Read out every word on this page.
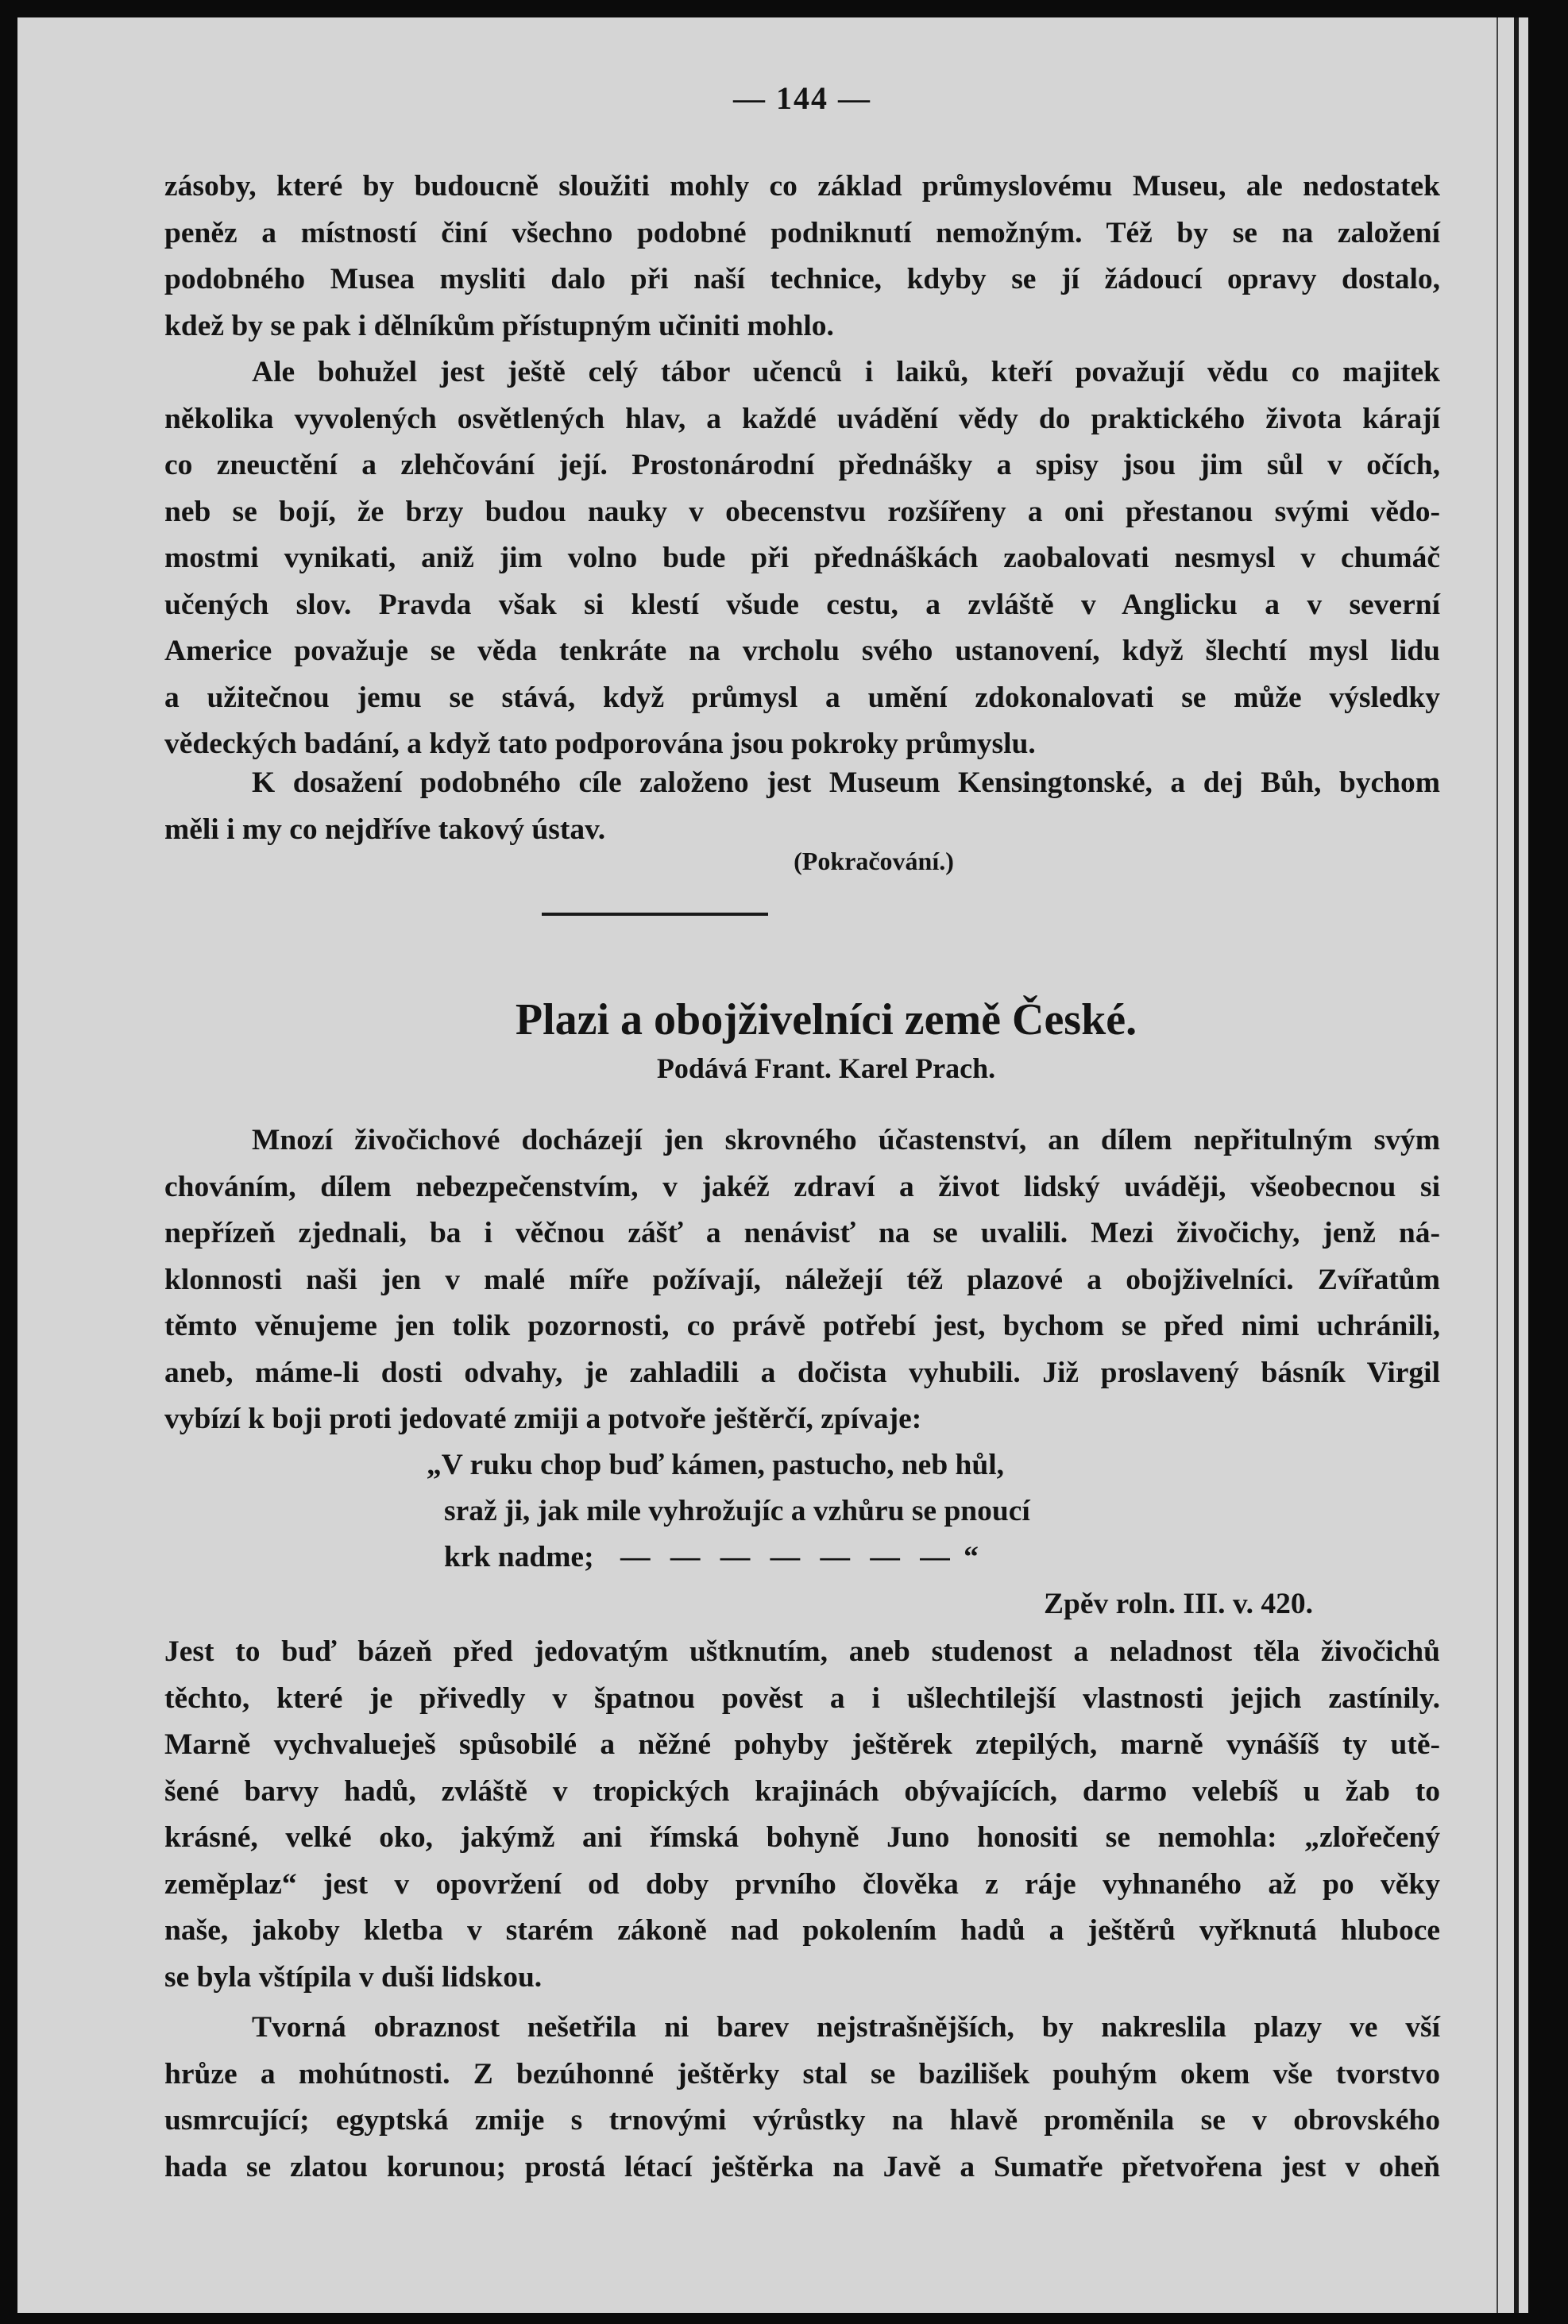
— 144 —
zásoby, které by budoucně sloužiti mohly co základ průmyslovému Museu, ale nedostatek
peněz a místností činí všechno podobné podniknutí nemožným. Též by se na založení
podobného Musea mysliti dalo při naší technice, kdyby se jí žádoucí opravy dostalo,
kdež by se pak i dělníkům přístupným učiniti mohlo.
Ale bohužel jest ještě celý tábor učenců i laiků, kteří považují vědu co majitek
několika vyvolených osvětlených hlav, a každé uvádění vědy do praktického života kárají
co zneuctění a zlehčování její. Prostonárodní přednášky a spisy jsou jim sůl v očích,
neb se bojí, že brzy budou nauky v obecenstvu rozšířeny a oni přestanou svými vědo-
mostmi vynikati, aniž jim volno bude při přednáškách zaobalovati nesmysl v chumáč
učených slov. Pravda však si klestí všude cestu, a zvláště v Anglicku a v severní
Americe považuje se věda tenkráte na vrcholu svého ustanovení, když šlechtí mysl lidu
a užitečnou jemu se stává, když průmysl a umění zdokonalovati se může výsledky
vědeckých badání, a když tato podporována jsou pokroky průmyslu.
K dosažení podobného cíle založeno jest Museum Kensingtonské, a dej Bůh, bychom
měli i my co nejdříve takový ústav.
(Pokračování.)
Plazi a obojživelníci země České.
Podává Frant. Karel Prach.
Mnozí živočichové docházejí jen skrovného účastenství, an dílem nepřitulným svým
chováním, dílem nebezpečenstvím, v jakéž zdraví a život lidský uváději, všeobecnou si
nepřízeň zjednali, ba i věčnou zášť a nenávisť na se uvalili. Mezi živočichy, jenž ná-
klonnosti naši jen v malé míře požívají, náležejí též plazové a obojživelníci. Zvířatům
těmto věnujeme jen tolik pozornosti, co právě potřebí jest, bychom se před nimi uchránili,
aneb, máme-li dosti odvahy, je zahladili a dočista vyhubili. Již proslavený básník Virgil
vybízí k boji proti jedovaté zmiji a potvoře ještěrčí, zpívaje:
„V ruku chop buď kámen, pastucho, neb hůl,
sraž ji, jak mile vyhrožujíc a vzhůru se pnoucí
krk nadme; — — — — — — — “
Zpěv roln. III. v. 420.
Jest to buď bázeň před jedovatým uštknutím, aneb studenost a neladnost těla živočichů
těchto, které je přivedly v špatnou pověst a i ušlechtilejší vlastnosti jejich zastínily.
Marně vychvalueješ spůsobilé a něžné pohyby ještěrek ztepilých, marně vynášíš ty utě-
šené barvy hadů, zvláště v tropických krajinách obývajících, darmo velebíš u žab to
krásné, velké oko, jakýmž ani římská bohyně Juno honositi se nemohla: „zlořečený
zeměplaz“ jest v opovržení od doby prvního člověka z ráje vyhnaného až po věky
naše, jakoby kletba v starém zákoně nad pokolením hadů a ještěrů vyřknutá hluboce
se byla vštípila v duši lidskou.
Tvorná obraznost nešetřila ni barev nejstrašnějších, by nakreslila plazy ve vší
hrůze a mohútnosti. Z bezúhonné ještěrky stal se bazilišek pouhým okem vše tvorstvo
usmrcující; egyptská zmije s trnovými výrůstky na hlavě proměnila se v obrovského
hada se zlatou korunou; prostá létací ještěrka na Javě a Sumatře přetvořena jest v oheň
